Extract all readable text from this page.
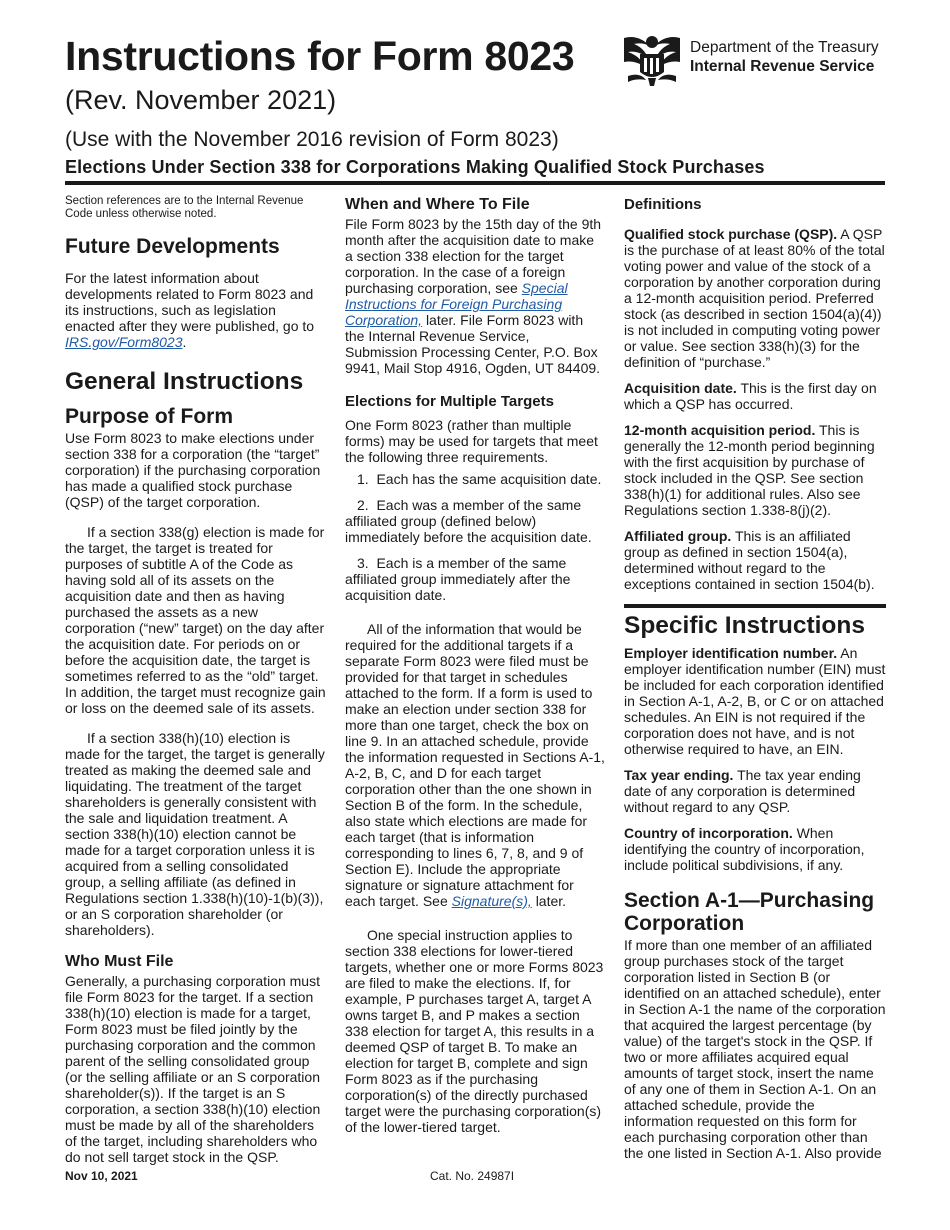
Instructions for Form 8023
(Rev. November 2021)
(Use with the November 2016 revision of Form 8023)
Elections Under Section 338 for Corporations Making Qualified Stock Purchases
Department of the Treasury
Internal Revenue Service

Section references are to the Internal Revenue Code unless otherwise noted.

Future Developments

For the latest information about developments related to Form 8023 and its instructions, such as legislation enacted after they were published, go to IRS.gov/Form8023.

General Instructions
Purpose of Form

Use Form 8023 to make elections under section 338 for a corporation (the “target” corporation) if the purchasing corporation has made a qualified stock purchase (QSP) of the target corporation.

If a section 338(g) election is made for the target, the target is treated for purposes of subtitle A of the Code as having sold all of its assets on the acquisition date and then as having purchased the assets as a new corporation (“new” target) on the day after the acquisition date. For periods on or before the acquisition date, the target is sometimes referred to as the “old” target. In addition, the target must recognize gain or loss on the deemed sale of its assets.

If a section 338(h)(10) election is made for the target, the target is generally treated as making the deemed sale and liquidating. The treatment of the target shareholders is generally consistent with the sale and liquidation treatment. A section 338(h)(10) election cannot be made for a target corporation unless it is acquired from a selling consolidated group, a selling affiliate (as defined in Regulations section 1.338(h)(10)-1(b)(3)), or an S corporation shareholder (or shareholders).

Who Must File

Generally, a purchasing corporation must file Form 8023 for the target. If a section 338(h)(10) election is made for a target, Form 8023 must be filed jointly by the purchasing corporation and the common parent of the selling consolidated group (or the selling affiliate or an S corporation shareholder(s)). If the target is an S corporation, a section 338(h)(10) election must be made by all of the shareholders of the target, including shareholders who do not sell target stock in the QSP.

When and Where To File

File Form 8023 by the 15th day of the 9th month after the acquisition date to make a section 338 election for the target corporation. In the case of a foreign purchasing corporation, see Special Instructions for Foreign Purchasing Corporation, later. File Form 8023 with the Internal Revenue Service, Submission Processing Center, P.O. Box 9941, Mail Stop 4916, Ogden, UT 84409.

Elections for Multiple Targets

One Form 8023 (rather than multiple forms) may be used for targets that meet the following three requirements.

1.  Each has the same acquisition date.

2.  Each was a member of the same affiliated group (defined below) immediately before the acquisition date.

3.  Each is a member of the same affiliated group immediately after the acquisition date.

All of the information that would be required for the additional targets if a separate Form 8023 were filed must be provided for that target in schedules attached to the form. If a form is used to make an election under section 338 for more than one target, check the box on line 9. In an attached schedule, provide the information requested in Sections A-1, A-2, B, C, and D for each target corporation other than the one shown in Section B of the form. In the schedule, also state which elections are made for each target (that is information corresponding to lines 6, 7, 8, and 9 of Section E). Include the appropriate signature or signature attachment for each target. See Signature(s), later.

One special instruction applies to section 338 elections for lower-tiered targets, whether one or more Forms 8023 are filed to make the elections. If, for example, P purchases target A, target A owns target B, and P makes a section 338 election for target A, this results in a deemed QSP of target B. To make an election for target B, complete and sign Form 8023 as if the purchasing corporation(s) of the directly purchased target were the purchasing corporation(s) of the lower-tiered target.

Definitions

Qualified stock purchase (QSP). A QSP is the purchase of at least 80% of the total voting power and value of the stock of a corporation by another corporation during a 12-month acquisition period. Preferred stock (as described in section 1504(a)(4)) is not included in computing voting power or value. See section 338(h)(3) for the definition of “purchase.”

Acquisition date. This is the first day on which a QSP has occurred.

12-month acquisition period. This is generally the 12-month period beginning with the first acquisition by purchase of stock included in the QSP. See section 338(h)(1) for additional rules. Also see Regulations section 1.338-8(j)(2).

Affiliated group. This is an affiliated group as defined in section 1504(a), determined without regard to the exceptions contained in section 1504(b).

Specific Instructions

Employer identification number. An employer identification number (EIN) must be included for each corporation identified in Section A-1, A-2, B, or C or on attached schedules. An EIN is not required if the corporation does not have, and is not otherwise required to have, an EIN.

Tax year ending. The tax year ending date of any corporation is determined without regard to any QSP.

Country of incorporation. When identifying the country of incorporation, include political subdivisions, if any.

Section A-1—Purchasing Corporation

If more than one member of an affiliated group purchases stock of the target corporation listed in Section B (or identified on an attached schedule), enter in Section A-1 the name of the corporation that acquired the largest percentage (by value) of the target's stock in the QSP. If two or more affiliates acquired equal amounts of target stock, insert the name of any one of them in Section A-1. On an attached schedule, provide the information requested on this form for each purchasing corporation other than the one listed in Section A-1. Also provide

Nov 10, 2021	Cat. No. 24987I
